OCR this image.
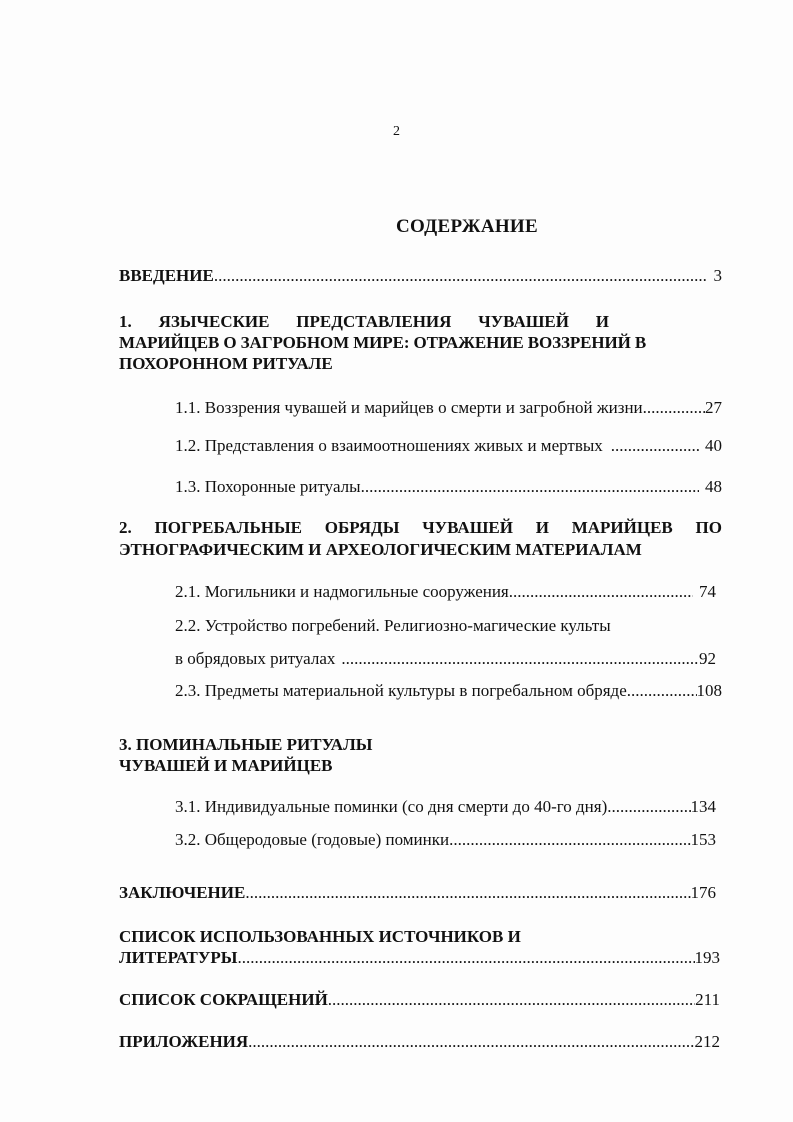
2
СОДЕРЖАНИЕ
ВВЕДЕНИЕ .....	3
1. ЯЗЫЧЕСКИЕ ПРЕДСТАВЛЕНИЯ ЧУВАШЕЙ И
МАРИЙЦЕВ О ЗАГРОБНОМ МИРЕ: ОТРАЖЕНИЕ ВОЗЗРЕНИЙ В
ПОХОРОННОМ РИТУАЛЕ
1.1. Воззрения чувашей и марийцев о смерти и загробной жизни .....	27
1.2. Представления о взаимоотношениях живых и мертвых .....	40
1.3. Похоронные ритуалы .....	48
2. ПОГРЕБАЛЬНЫЕ ОБРЯДЫ ЧУВАШЕЙ И МАРИЙЦЕВ ПО
ЭТНОГРАФИЧЕСКИМ И АРХЕОЛОГИЧЕСКИМ МАТЕРИАЛАМ
2.1. Могильники и надмогильные сооружения .....	74
2.2. Устройство погребений. Религиозно-магические культы
в обрядовых ритуалах .....	92
2.3. Предметы материальной культуры в погребальном обряде .....	108
3. ПОМИНАЛЬНЫЕ РИТУАЛЫ
ЧУВАШЕЙ И МАРИЙЦЕВ
3.1. Индивидуальные поминки (со дня смерти до 40-го дня) .....	134
3.2. Общеродовые (годовые) поминки .....	153
ЗАКЛЮЧЕНИЕ .....	176
СПИСОК ИСПОЛЬЗОВАННЫХ ИСТОЧНИКОВ И
ЛИТЕРАТУРЫ .....	193
СПИСОК СОКРАЩЕНИЙ .....	211
ПРИЛОЖЕНИЯ .....	212
